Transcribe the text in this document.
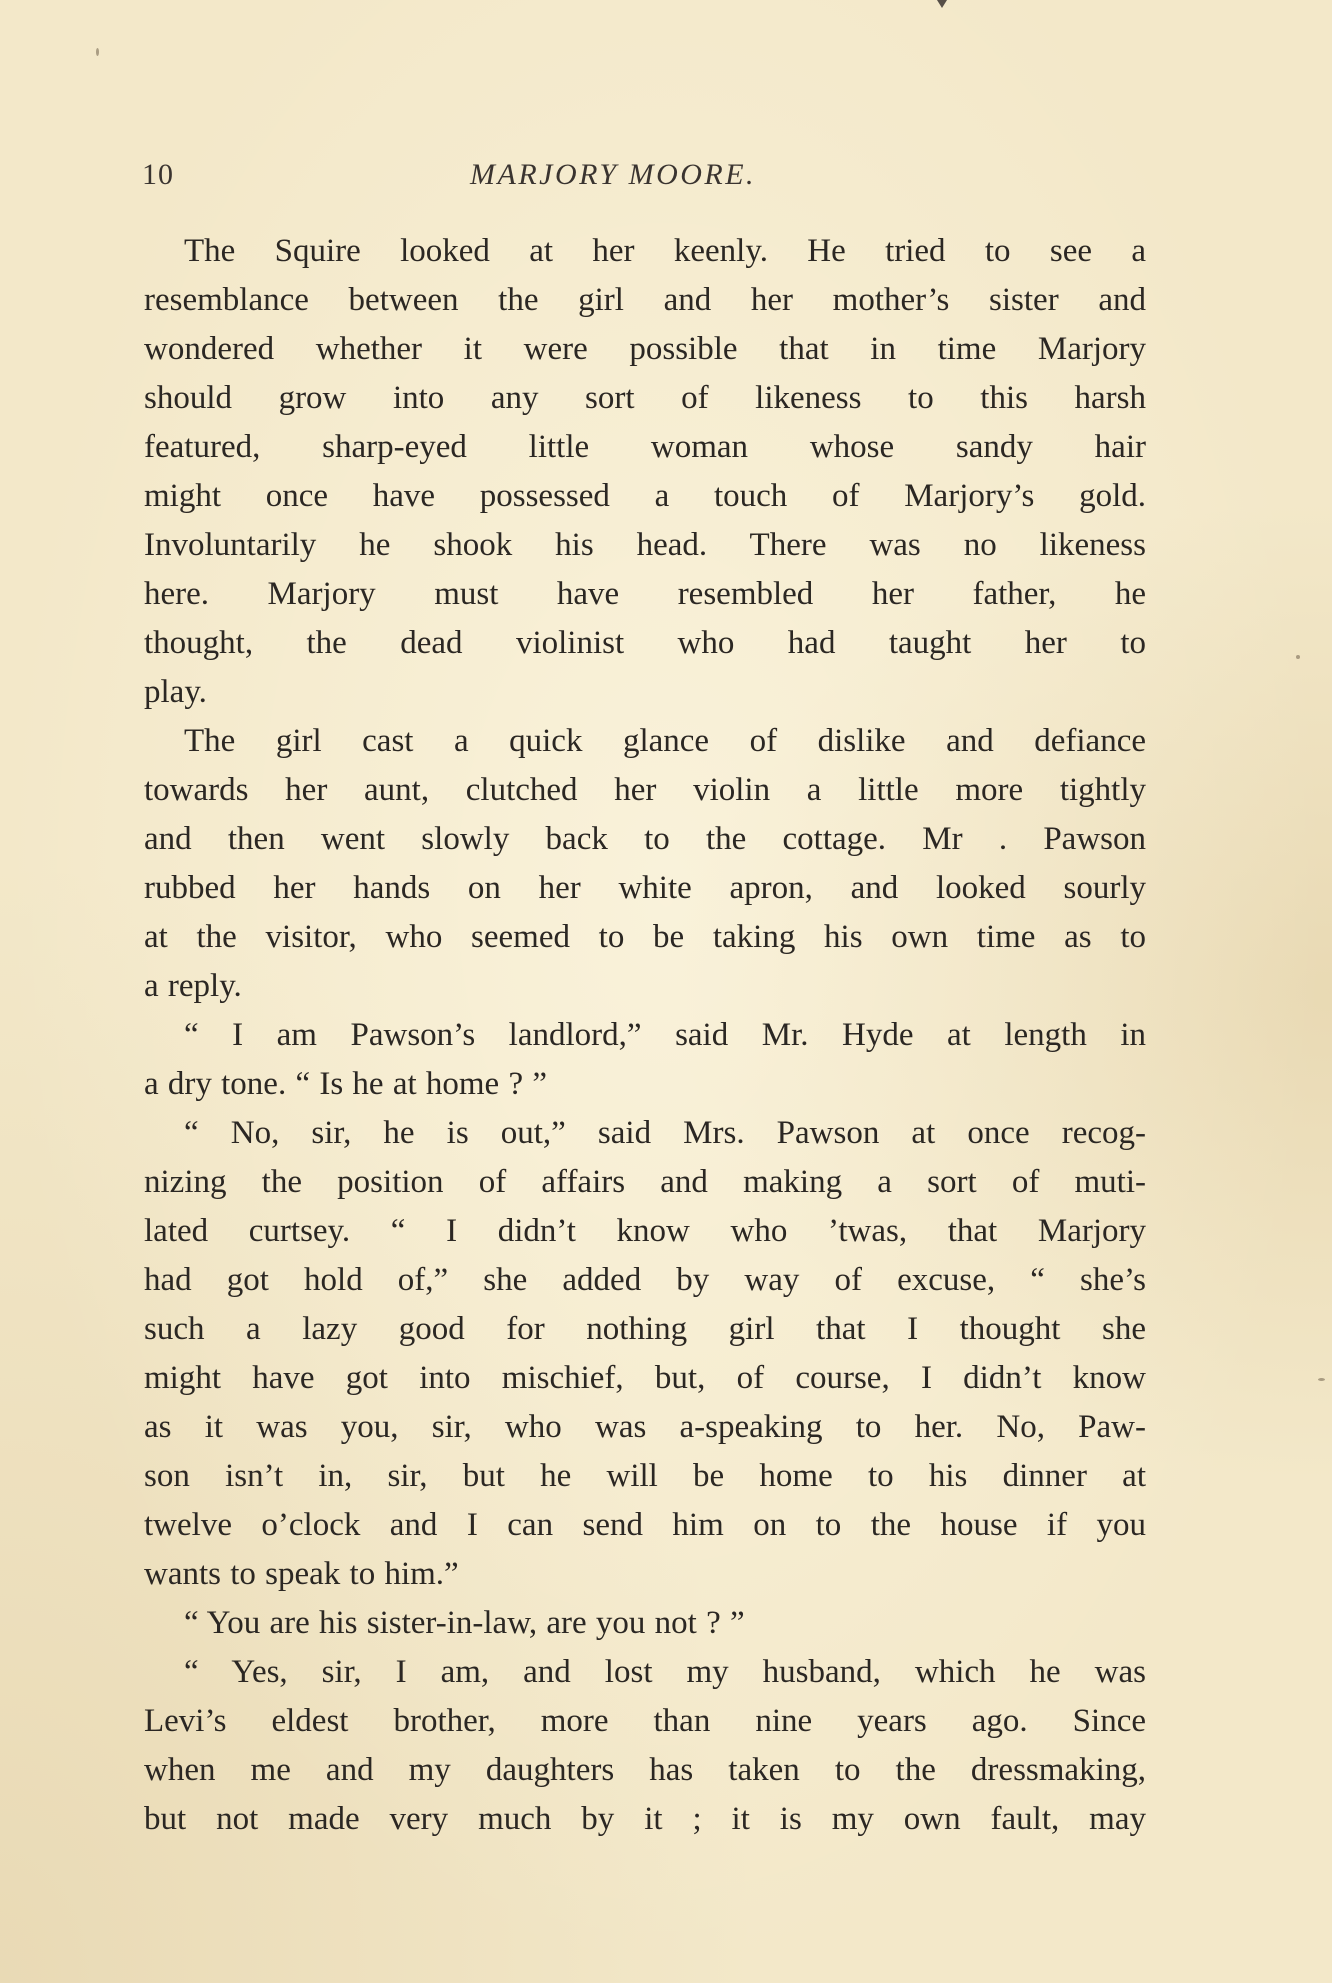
10	MARJORY MOORE.
The Squire looked at her keenly. He tried to see a
resemblance between the girl and her mother’s sister and
wondered whether it were possible that in time Marjory
should grow into any sort of likeness to this harsh
featured, sharp-eyed little woman whose sandy hair
might once have possessed a touch of Marjory’s gold.
Involuntarily he shook his head. There was no likeness
here. Marjory must have resembled her father, he
thought, the dead violinist who had taught her to
play.
The girl cast a quick glance of dislike and defiance
towards her aunt, clutched her violin a little more tightly
and then went slowly back to the cottage. Mr . Pawson
rubbed her hands on her white apron, and looked sourly
at the visitor, who seemed to be taking his own time as to
a reply.
“ I am Pawson’s landlord,” said Mr. Hyde at length in
a dry tone. “ Is he at home ? ”
“ No, sir, he is out,” said Mrs. Pawson at once recog-
nizing the position of affairs and making a sort of muti-
lated curtsey. “ I didn’t know who ’twas, that Marjory
had got hold of,” she added by way of excuse, “ she’s
such a lazy good for nothing girl that I thought she
might have got into mischief, but, of course, I didn’t know
as it was you, sir, who was a-speaking to her. No, Paw-
son isn’t in, sir, but he will be home to his dinner at
twelve o’clock and I can send him on to the house if you
wants to speak to him.”
“ You are his sister-in-law, are you not ? ”
“ Yes, sir, I am, and lost my husband, which he was
Levi’s eldest brother, more than nine years ago. Since
when me and my daughters has taken to the dressmaking,
but not made very much by it ; it is my own fault, may
